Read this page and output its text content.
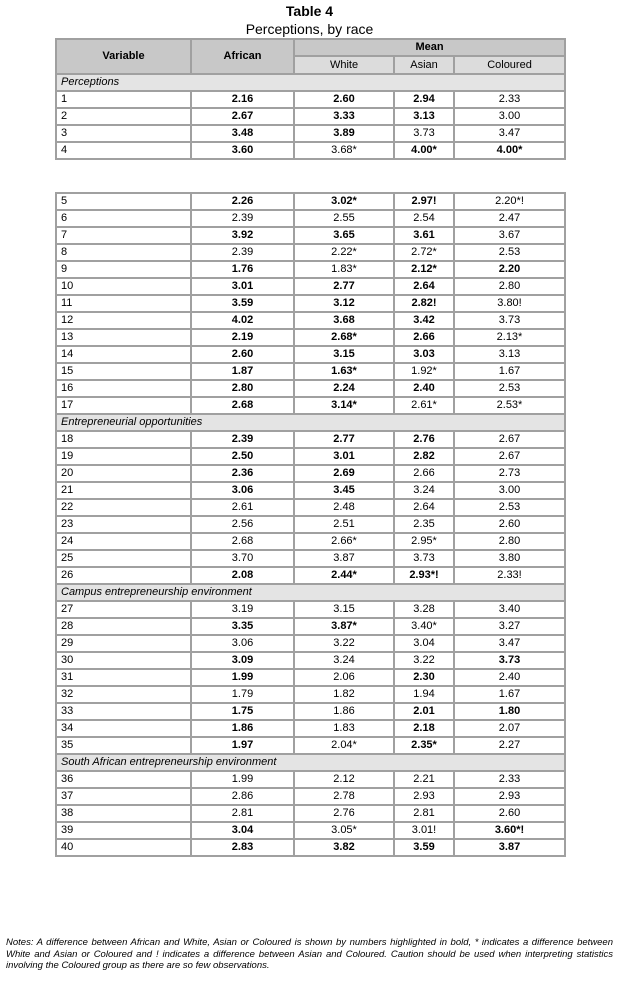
Table 4
Perceptions, by race
Variable	African	Mean		
		White	Asian	Coloured
Perceptions				
1	2.16	2.60	2.94	2.33
2	2.67	3.33	3.13	3.00
3	3.48	3.89	3.73	3.47
4	3.60	3.68*	4.00*	4.00*
5	2.26	3.02*	2.97!	2.20*!
6	2.39	2.55	2.54	2.47
7	3.92	3.65	3.61	3.67
8	2.39	2.22*	2.72*	2.53
9	1.76	1.83*	2.12*	2.20
10	3.01	2.77	2.64	2.80
11	3.59	3.12	2.82!	3.80!
12	4.02	3.68	3.42	3.73
13	2.19	2.68*	2.66	2.13*
14	2.60	3.15	3.03	3.13
15	1.87	1.63*	1.92*	1.67
16	2.80	2.24	2.40	2.53
17	2.68	3.14*	2.61*	2.53*
Entrepreneurial opportunities				
18	2.39	2.77	2.76	2.67
19	2.50	3.01	2.82	2.67
20	2.36	2.69	2.66	2.73
21	3.06	3.45	3.24	3.00
22	2.61	2.48	2.64	2.53
23	2.56	2.51	2.35	2.60
24	2.68	2.66*	2.95*	2.80
25	3.70	3.87	3.73	3.80
26	2.08	2.44*	2.93*!	2.33!
Campus entrepreneurship environment				
27	3.19	3.15	3.28	3.40
28	3.35	3.87*	3.40*	3.27
29	3.06	3.22	3.04	3.47
30	3.09	3.24	3.22	3.73
31	1.99	2.06	2.30	2.40
32	1.79	1.82	1.94	1.67
33	1.75	1.86	2.01	1.80
34	1.86	1.83	2.18	2.07
35	1.97	2.04*	2.35*	2.27
South African entrepreneurship environment				
36	1.99	2.12	2.21	2.33
37	2.86	2.78	2.93	2.93
38	2.81	2.76	2.81	2.60
39	3.04	3.05*	3.01!	3.60*!
40	2.83	3.82	3.59	3.87
Notes: A difference between African and White, Asian or Coloured is shown by numbers highlighted in bold, * indicates a difference between White and Asian or Coloured and ! indicates a difference between Asian and Coloured. Caution should be used when interpreting statistics involving the Coloured group as there are so few observations.
